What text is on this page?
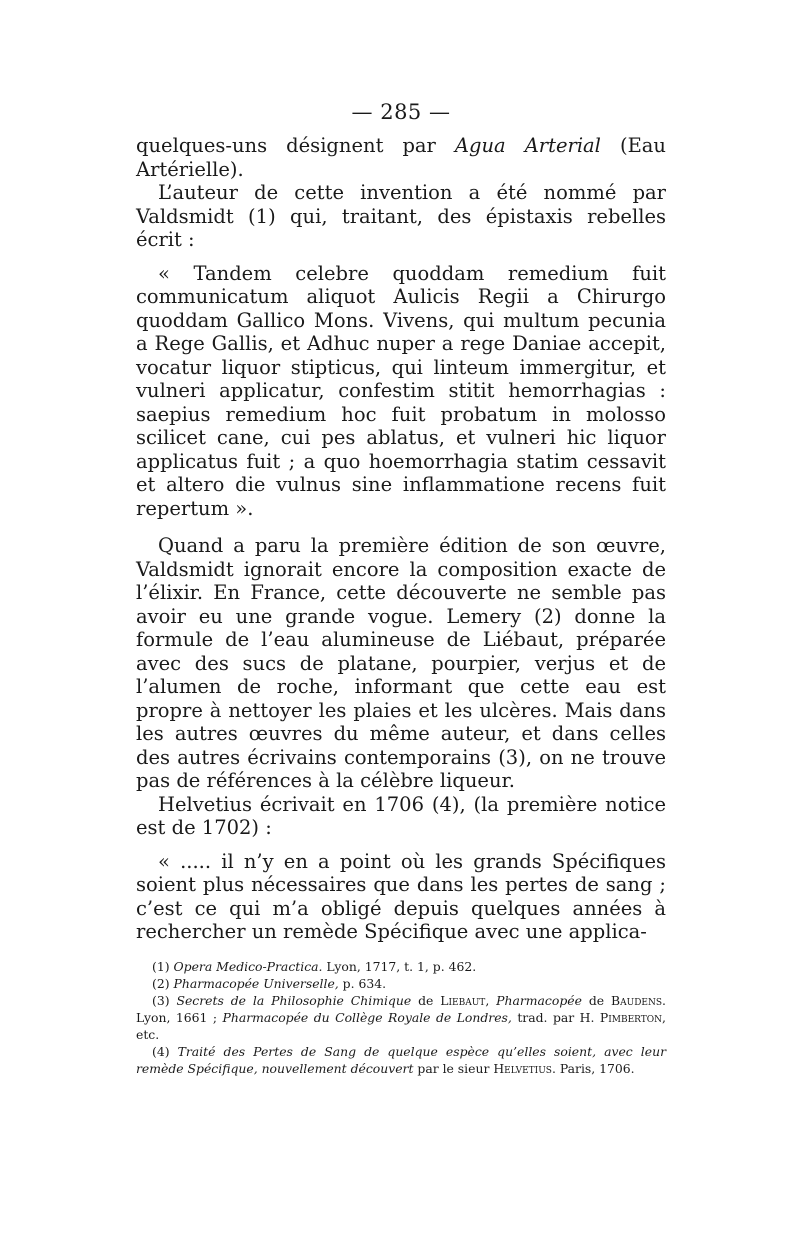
— 285 —

quelques-uns désignent par Agua Arterial (Eau Artérielle).

L’auteur de cette invention a été nommé par Valdsmidt (1) qui, traitant, des épistaxis rebelles écrit :

« Tandem celebre quoddam remedium fuit communicatum aliquot Aulicis Regii a Chirurgo quoddam Gallico Mons. Vivens, qui multum pecunia a Rege Gallis, et Adhuc nuper a rege Daniae accepit, vocatur liquor stipticus, qui linteum immergitur, et vulneri applicatur, confestim stitit hemorrhagias : saepius remedium hoc fuit probatum in molosso scilicet cane, cui pes ablatus, et vulneri hic liquor applicatus fuit ; a quo hoemorrhagia statim cessavit et altero die vulnus sine inflammatione recens fuit repertum ».

Quand a paru la première édition de son œuvre, Valdsmidt ignorait encore la composition exacte de l’élixir. En France, cette découverte ne semble pas avoir eu une grande vogue. Lemery (2) donne la formule de l’eau alumineuse de Liébaut, préparée avec des sucs de platane, pourpier, verjus et de l’alumen de roche, informant que cette eau est propre à nettoyer les plaies et les ulcères. Mais dans les autres œuvres du même auteur, et dans celles des autres écrivains contemporains (3), on ne trouve pas de références à la célèbre liqueur.

Helvetius écrivait en 1706 (4), (la première notice est de 1702) :

« ..... il n’y en a point où les grands Spécifiques soient plus nécessaires que dans les pertes de sang ; c’est ce qui m’a obligé depuis quelques années à rechercher un remède Spécifique avec une applica-

(1) Opera Medico-Practica. Lyon, 1717, t. 1, p. 462.

(2) Pharmacopée Universelle, p. 634.

(3) Secrets de la Philosophie Chimique de Liebaut, Pharmacopée de Baudens. Lyon, 1661 ; Pharmacopée du Collège Royale de Londres, trad. par H. Pimberton, etc.

(4) Traité des Pertes de Sang de quelque espèce qu’elles soient, avec leur remède Spécifique, nouvellement découvert par le sieur Helvetius. Paris, 1706.
